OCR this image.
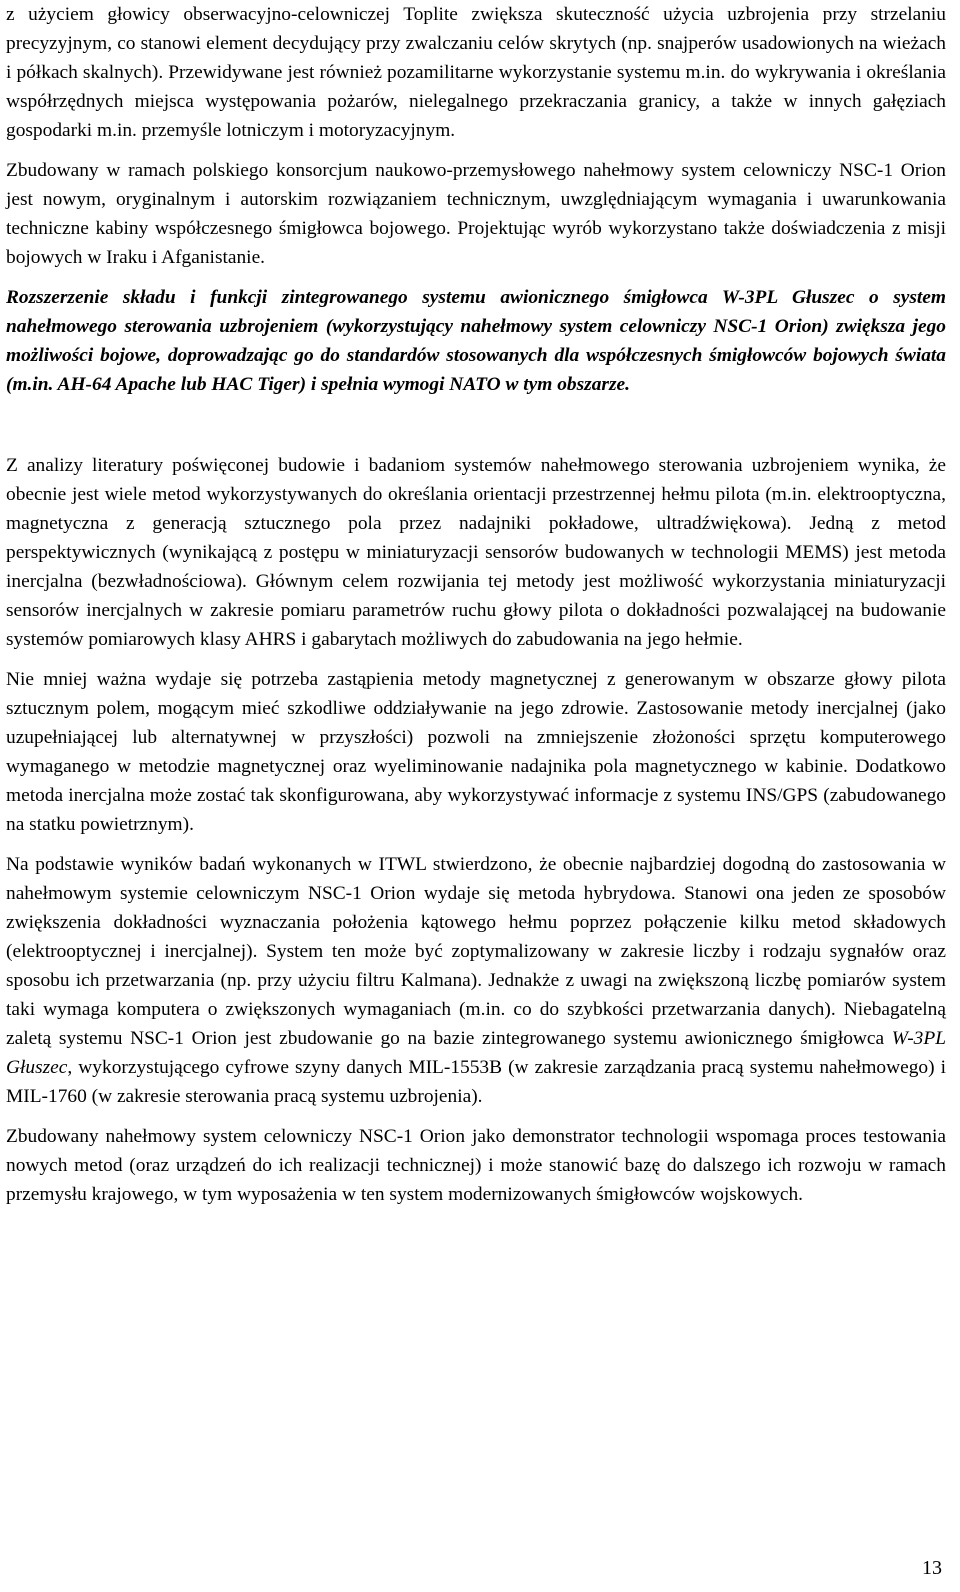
z użyciem głowicy obserwacyjno-celowniczej Toplite zwiększa skuteczność użycia uzbrojenia przy strzelaniu precyzyjnym, co stanowi element decydujący przy zwalczaniu celów skrytych (np. snajperów usadowionych na wieżach i półkach skalnych). Przewidywane jest również pozamilitarne wykorzystanie systemu m.in. do wykrywania i określania współrzędnych miejsca występowania pożarów, nielegalnego przekraczania granicy, a także w innych gałęziach gospodarki m.in. przemyśle lotniczym i motoryzacyjnym.

Zbudowany w ramach polskiego konsorcjum naukowo-przemysłowego nahełmowy system celowniczy NSC-1 Orion jest nowym, oryginalnym i autorskim rozwiązaniem technicznym, uwzględniającym wymagania i uwarunkowania techniczne kabiny współczesnego śmigłowca bojowego. Projektując wyrób wykorzystano także doświadczenia z misji bojowych w Iraku i Afganistanie.

Rozszerzenie składu i funkcji zintegrowanego systemu awionicznego śmigłowca W-3PL Głuszec o system nahełmowego sterowania uzbrojeniem (wykorzystujący nahełmowy system celowniczy NSC-1 Orion) zwiększa jego możliwości bojowe, doprowadzając go do standardów stosowanych dla współczesnych śmigłowców bojowych świata (m.in. AH-64 Apache lub HAC Tiger) i spełnia wymogi NATO w tym obszarze.

Z analizy literatury poświęconej budowie i badaniom systemów nahełmowego sterowania uzbrojeniem wynika, że obecnie jest wiele metod wykorzystywanych do określania orientacji przestrzennej hełmu pilota (m.in. elektrooptyczna, magnetyczna z generacją sztucznego pola przez nadajniki pokładowe, ultradźwiękowa). Jedną z metod perspektywicznych (wynikającą z postępu w miniaturyzacji sensorów budowanych w technologii MEMS) jest metoda inercjalna (bezwładnościowa). Głównym celem rozwijania tej metody jest możliwość wykorzystania miniaturyzacji sensorów inercjalnych w zakresie pomiaru parametrów ruchu głowy pilota o dokładności pozwalającej na budowanie systemów pomiarowych klasy AHRS i gabarytach możliwych do zabudowania na jego hełmie.

Nie mniej ważna wydaje się potrzeba zastąpienia metody magnetycznej z generowanym w obszarze głowy pilota sztucznym polem, mogącym mieć szkodliwe oddziaływanie na jego zdrowie. Zastosowanie metody inercjalnej (jako uzupełniającej lub alternatywnej w przyszłości) pozwoli na zmniejszenie złożoności sprzętu komputerowego wymaganego w metodzie magnetycznej oraz wyeliminowanie nadajnika pola magnetycznego w kabinie. Dodatkowo metoda inercjalna może zostać tak skonfigurowana, aby wykorzystywać informacje z systemu INS/GPS (zabudowanego na statku powietrznym).

Na podstawie wyników badań wykonanych w ITWL stwierdzono, że obecnie najbardziej dogodną do zastosowania w nahełmowym systemie celowniczym NSC-1 Orion wydaje się metoda hybrydowa. Stanowi ona jeden ze sposobów zwiększenia dokładności wyznaczania położenia kątowego hełmu poprzez połączenie kilku metod składowych (elektrooptycznej i inercjalnej). System ten może być zoptymalizowany w zakresie liczby i rodzaju sygnałów oraz sposobu ich przetwarzania (np. przy użyciu filtru Kalmana). Jednakże z uwagi na zwiększoną liczbę pomiarów system taki wymaga komputera o zwiększonych wymaganiach (m.in. co do szybkości przetwarzania danych). Niebagatelną zaletą systemu NSC-1 Orion jest zbudowanie go na bazie zintegrowanego systemu awionicznego śmigłowca W-3PL Głuszec, wykorzystującego cyfrowe szyny danych MIL-1553B (w zakresie zarządzania pracą systemu nahełmowego) i MIL-1760 (w zakresie sterowania pracą systemu uzbrojenia).

Zbudowany nahełmowy system celowniczy NSC-1 Orion jako demonstrator technologii wspomaga proces testowania nowych metod (oraz urządzeń do ich realizacji technicznej) i może stanowić bazę do dalszego ich rozwoju w ramach przemysłu krajowego, w tym wyposażenia w ten system modernizowanych śmigłowców wojskowych.

13
